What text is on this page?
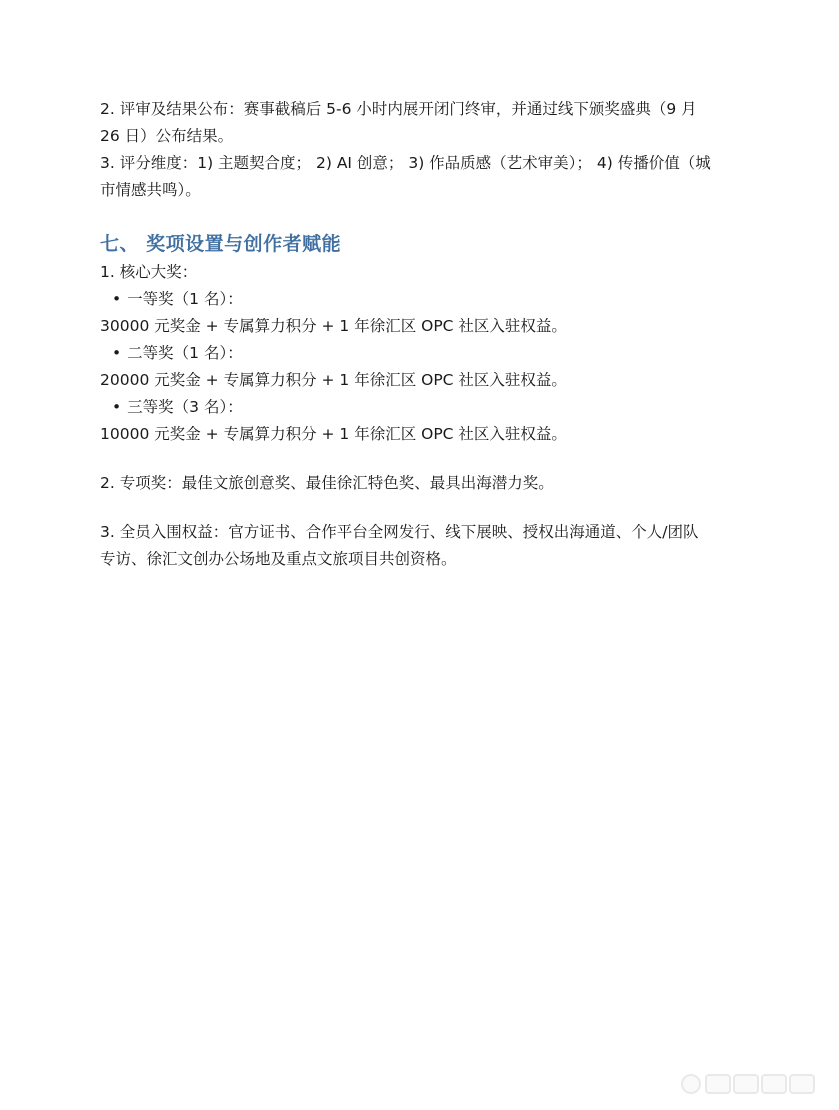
2. 评审及结果公布：赛事截稿后 5-6 小时内展开闭门终审，并通过线下颁奖盛典（9 月

26 日）公布结果。

3. 评分维度：1) 主题契合度； 2) AI 创意； 3) 作品质感（艺术审美）； 4) 传播价值（城

市情感共鸣）。

七、 奖项设置与创作者赋能

1. 核心大奖：

• 一等奖（1 名）：

30000 元奖金 + 专属算力积分 + 1 年徐汇区 OPC 社区入驻权益。

• 二等奖（1 名）：

20000 元奖金 + 专属算力积分 + 1 年徐汇区 OPC 社区入驻权益。

• 三等奖（3 名）：

10000 元奖金 + 专属算力积分 + 1 年徐汇区 OPC 社区入驻权益。

2. 专项奖：最佳文旅创意奖、最佳徐汇特色奖、最具出海潜力奖。

3. 全员入围权益：官方证书、合作平台全网发行、线下展映、授权出海通道、个人/团队

专访、徐汇文创办公场地及重点文旅项目共创资格。
